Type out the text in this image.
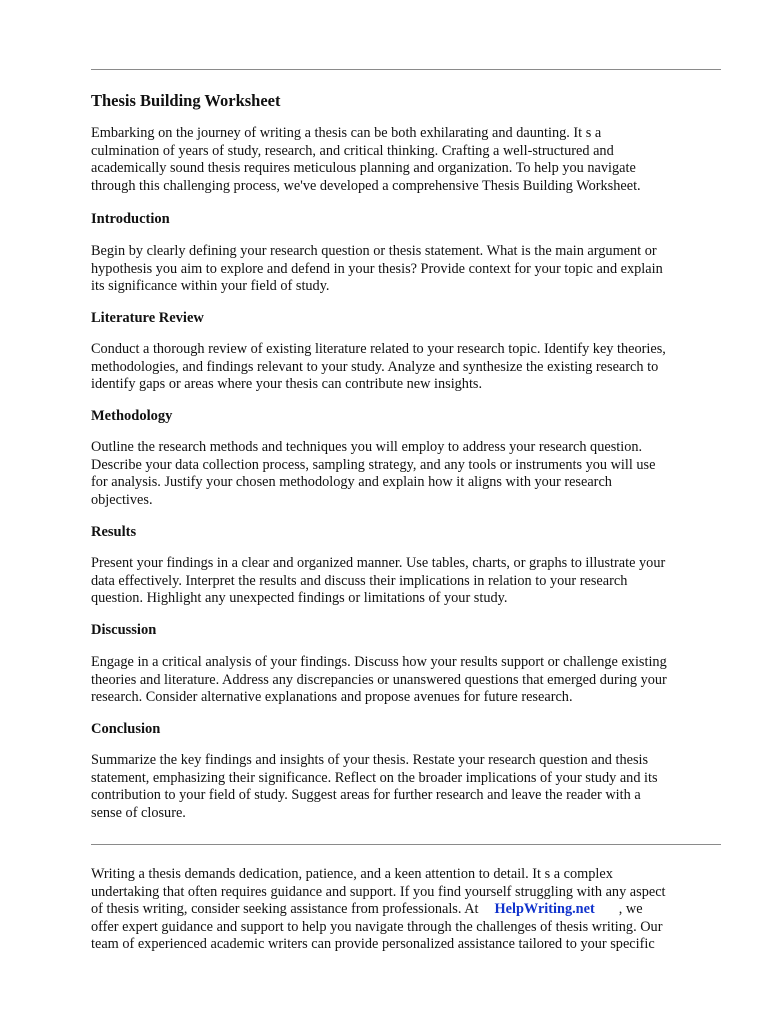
Thesis Building Worksheet

Embarking on the journey of writing a thesis can be both exhilarating and daunting. It s a
culmination of years of study, research, and critical thinking. Crafting a well-structured and
academically sound thesis requires meticulous planning and organization. To help you navigate
through this challenging process, we've developed a comprehensive Thesis Building Worksheet.

Introduction

Begin by clearly defining your research question or thesis statement. What is the main argument or
hypothesis you aim to explore and defend in your thesis? Provide context for your topic and explain
its significance within your field of study.

Literature Review

Conduct a thorough review of existing literature related to your research topic. Identify key theories,
methodologies, and findings relevant to your study. Analyze and synthesize the existing research to
identify gaps or areas where your thesis can contribute new insights.

Methodology

Outline the research methods and techniques you will employ to address your research question.
Describe your data collection process, sampling strategy, and any tools or instruments you will use
for analysis. Justify your chosen methodology and explain how it aligns with your research
objectives.

Results

Present your findings in a clear and organized manner. Use tables, charts, or graphs to illustrate your
data effectively. Interpret the results and discuss their implications in relation to your research
question. Highlight any unexpected findings or limitations of your study.

Discussion

Engage in a critical analysis of your findings. Discuss how your results support or challenge existing
theories and literature. Address any discrepancies or unanswered questions that emerged during your
research. Consider alternative explanations and propose avenues for future research.

Conclusion

Summarize the key findings and insights of your thesis. Restate your research question and thesis
statement, emphasizing their significance. Reflect on the broader implications of your study and its
contribution to your field of study. Suggest areas for further research and leave the reader with a
sense of closure.

Writing a thesis demands dedication, patience, and a keen attention to detail. It s a complex
undertaking that often requires guidance and support. If you find yourself struggling with any aspect
of thesis writing, consider seeking assistance from professionals. At HelpWriting.net , we
offer expert guidance and support to help you navigate through the challenges of thesis writing. Our
team of experienced academic writers can provide personalized assistance tailored to your specific
